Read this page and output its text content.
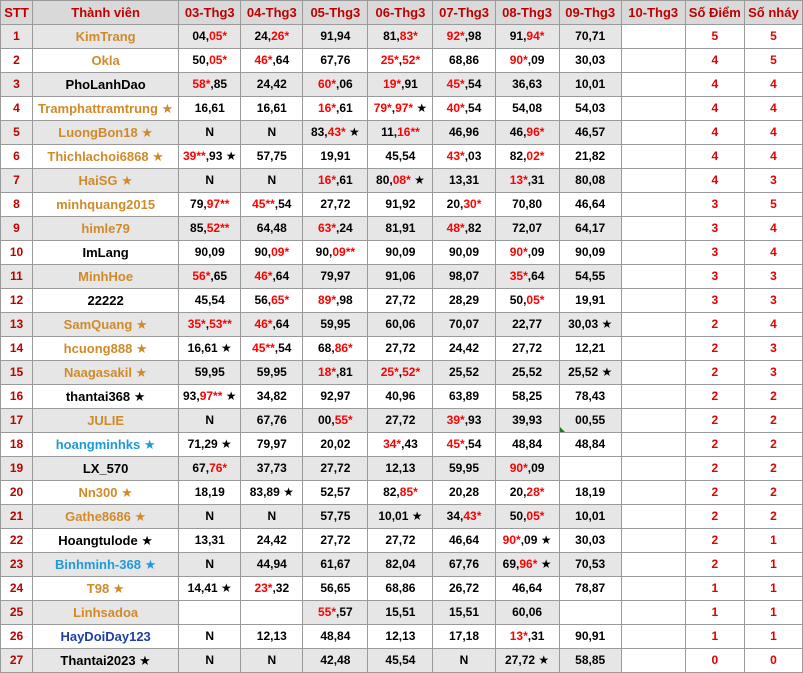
STT	Thành viên	03-Thg3	04-Thg3	05-Thg3	06-Thg3	07-Thg3	08-Thg3	09-Thg3	10-Thg3	Số Điểm	Số nháy
1	KimTrang	04,05*	24,26*	91,94	81,83*	92*,98	91,94*	70,71		5	5
2	Okla	50,05*	46*,64	67,76	25*,52*	68,86	90*,09	30,03		4	5
3	PhoLanhDao	58*,85	24,42	60*,06	19*,91	45*,54	36,63	10,01		4	4
4	Tramphattramtrung ★	16,61	16,61	16*,61	79*,97* ★	40*,54	54,08	54,03		4	4
5	LuongBon18 ★	N	N	83,43* ★	11,16**	46,96	46,96*	46,57		4	4
6	Thichlachoi6868 ★	39**,93 ★	57,75	19,91	45,54	43*,03	82,02*	21,82		4	4
7	HaiSG ★	N	N	16*,61	80,08* ★	13,31	13*,31	80,08		4	3
8	minhquang2015	79,97**	45**,54	27,72	91,92	20,30*	70,80	46,64		3	5
9	himle79	85,52**	64,48	63*,24	81,91	48*,82	72,07	64,17		3	4
10	ImLang	90,09	90,09*	90,09**	90,09	90,09	90*,09	90,09		3	4
11	MinhHoe	56*,65	46*,64	79,97	91,06	98,07	35*,64	54,55		3	3
12	22222	45,54	56,65*	89*,98	27,72	28,29	50,05*	19,91		3	3
13	SamQuang ★	35*,53**	46*,64	59,95	60,06	70,07	22,77	30,03 ★		2	4
14	hcuong888 ★	16,61 ★	45**,54	68,86*	27,72	24,42	27,72	12,21		2	3
15	Naagasakil ★	59,95	59,95	18*,81	25*,52*	25,52	25,52	25,52 ★		2	3
16	thantai368 ★	93,97** ★	34,82	92,97	40,96	63,89	58,25	78,43		2	2
17	JULIE	N	67,76	00,55*	27,72	39*,93	39,93	00,55		2	2
18	hoangminhks ★	71,29 ★	79,97	20,02	34*,43	45*,54	48,84	48,84		2	2
19	LX_570	67,76*	37,73	27,72	12,13	59,95	90*,09			2	2
20	Nn300 ★	18,19	83,89 ★	52,57	82,85*	20,28	20,28*	18,19		2	2
21	Gathe8686 ★	N	N	57,75	10,01 ★	34,43*	50,05*	10,01		2	2
22	Hoangtulode ★	13,31	24,42	27,72	27,72	46,64	90*,09 ★	30,03		2	1
23	Binhminh-368 ★	N	44,94	61,67	82,04	67,76	69,96* ★	70,53		2	1
24	T98 ★	14,41 ★	23*,32	56,65	68,86	26,72	46,64	78,87		1	1
25	Linhsadoa			55*,57	15,51	15,51	60,06			1	1
26	HayDoiDay123	N	12,13	48,84	12,13	17,18	13*,31	90,91		1	1
27	Thantai2023 ★	N	N	42,48	45,54	N	27,72 ★	58,85		0	0
